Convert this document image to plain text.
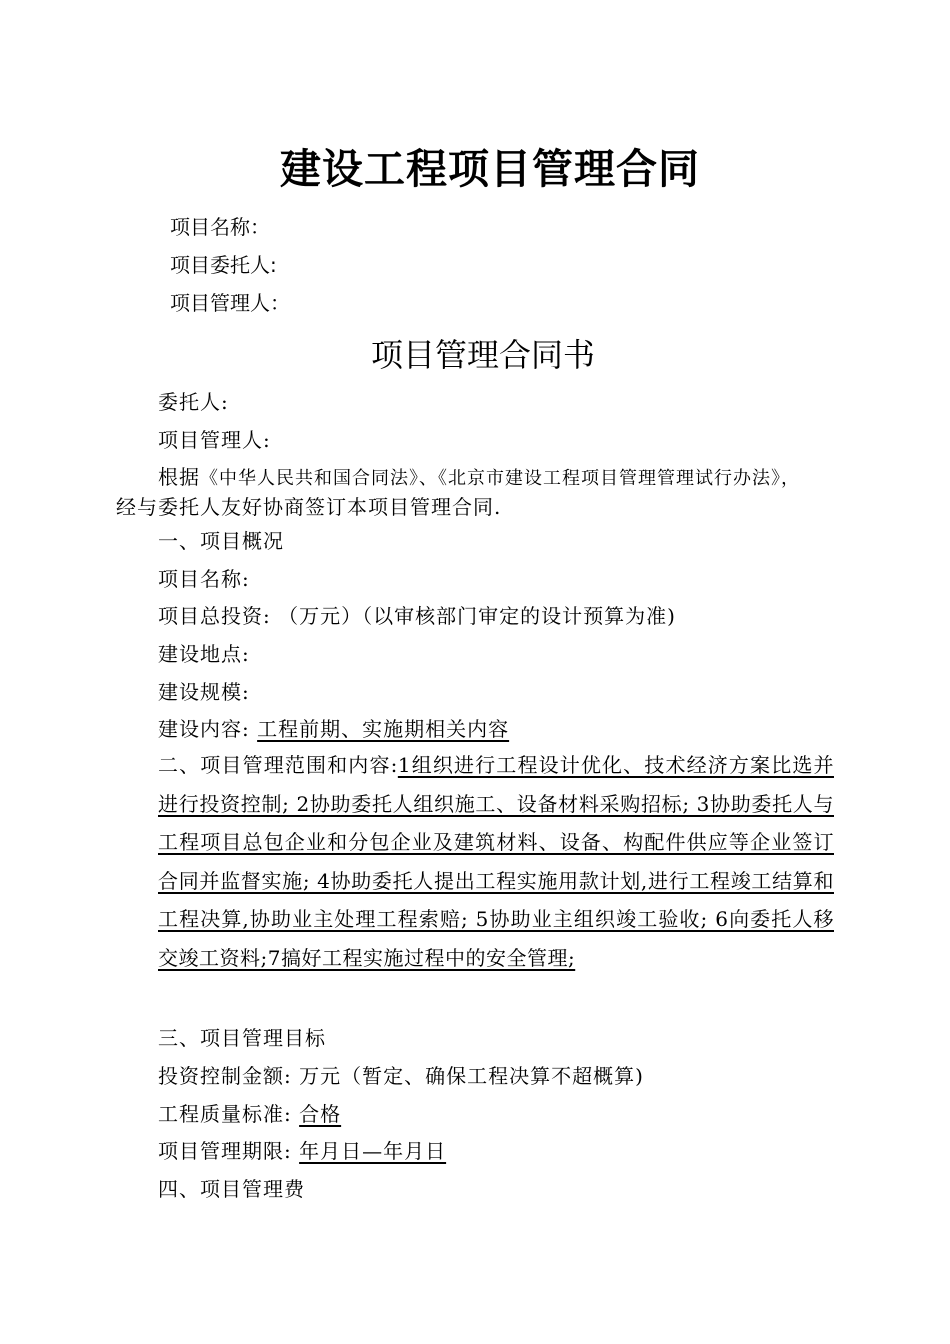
建设工程项目管理合同
项目名称：
项目委托人:
项目管理人：
项目管理合同书
委托人:
项目管理人:
根据《中华人民共和国合同法》、《北京市建设工程项目管理管理试行办法》，
经与委托人友好协商签订本项目管理合同.
一、项目概况
项目名称:
项目总投资: （万元）（以审核部门审定的设计预算为准)
建设地点:
建设规模:
建设内容: 工程前期、实施期相关内容
二、项目管理范围和内容:1组织进行工程设计优化、技术经济方案比选并进行投资控制; 2协助委托人组织施工、设备材料采购招标; 3协助委托人与工程项目总包企业和分包企业及建筑材料、设备、构配件供应等企业签订合同并监督实施; 4协助委托人提出工程实施用款计划,进行工程竣工结算和工程决算,协助业主处理工程索赔; 5协助业主组织竣工验收; 6向委托人移交竣工资料;7搞好工程实施过程中的安全管理;
三、项目管理目标
投资控制金额: 万元（暂定、确保工程决算不超概算)
工程质量标准: 合格
项目管理期限: 年月日—年月日
四、项目管理费
